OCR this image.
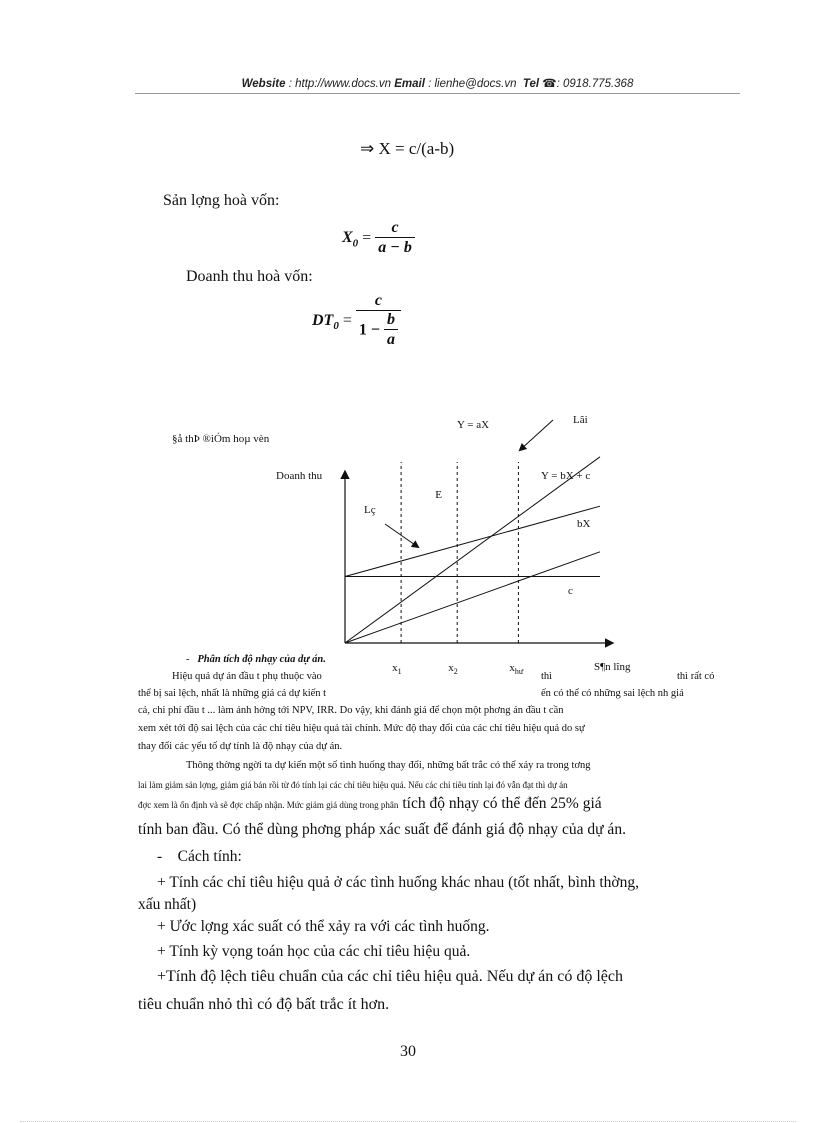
Website : http://www.docs.vn Email : lienhe@docs.vn Tel ☎: 0918.775.368
⇒ X = c/(a-b)
Sản lợng hoà vốn:
$X_0 = \frac{c}{a - b}$
Doanh thu hoà vốn:
$DT_0 = \frac{c}{1 - \frac{b}{a}}$
§å thÞ ®iÓm hoµ vèn
Doanh thu
Y = aX
Y = bX + c
bX
c
$x_1$	$x_2$	$x_{hư}$
E
S¶n lîng
Lãi
Lç
- Phân tích độ nhạy của dự án.
Hiệu quả dự án đầu t phụ thuộc vào	thì	thì rất có
thể bị sai lệch, nhất là những giá cả dự kiến t	ến có thể có những sai lệch nh giá
cả, chi phí đầu t ... làm ảnh hởng tới NPV, IRR. Do vậy, khi đánh giá để chọn một phơng án đầu t cần
xem xét tới độ sai lệch của các chỉ tiêu hiệu quả tài chính. Mức độ thay đổi của các chỉ tiêu hiệu quả do sự
thay đổi các yếu tố dự tính là độ nhạy của dự án.
Thông thờng ngời ta dự kiến một số tình huống thay đổi, những bất trắc có thể xảy ra trong tơng
lai làm giảm sản lợng, giảm giá bán rồi từ đó tính lại các chỉ tiêu hiệu quả. Nếu các chỉ tiêu tính lại đó vẫn đạt thì dự án
đợc xem là ổn định và sẽ đợc chấp nhận. Mức giảm giá dùng trong phân tích độ nhạy có thể đến 25% giá
tính ban đầu. Có thể dùng phơng pháp xác suất để đánh giá độ nhạy của dự án.
- Cách tính:
+ Tính các chỉ tiêu hiệu quả ở các tình huống khác nhau (tốt nhất, bình thờng,
xấu nhất)
+ Ước lợng xác suất có thể xảy ra với các tình huống.
+ Tính kỳ vọng toán học của các chỉ tiêu hiệu quả.
+Tính độ lệch tiêu chuẩn của các chỉ tiêu hiệu quả. Nếu dự án có độ lệch
tiêu chuẩn nhỏ thì có độ bất trắc ít hơn.
30
